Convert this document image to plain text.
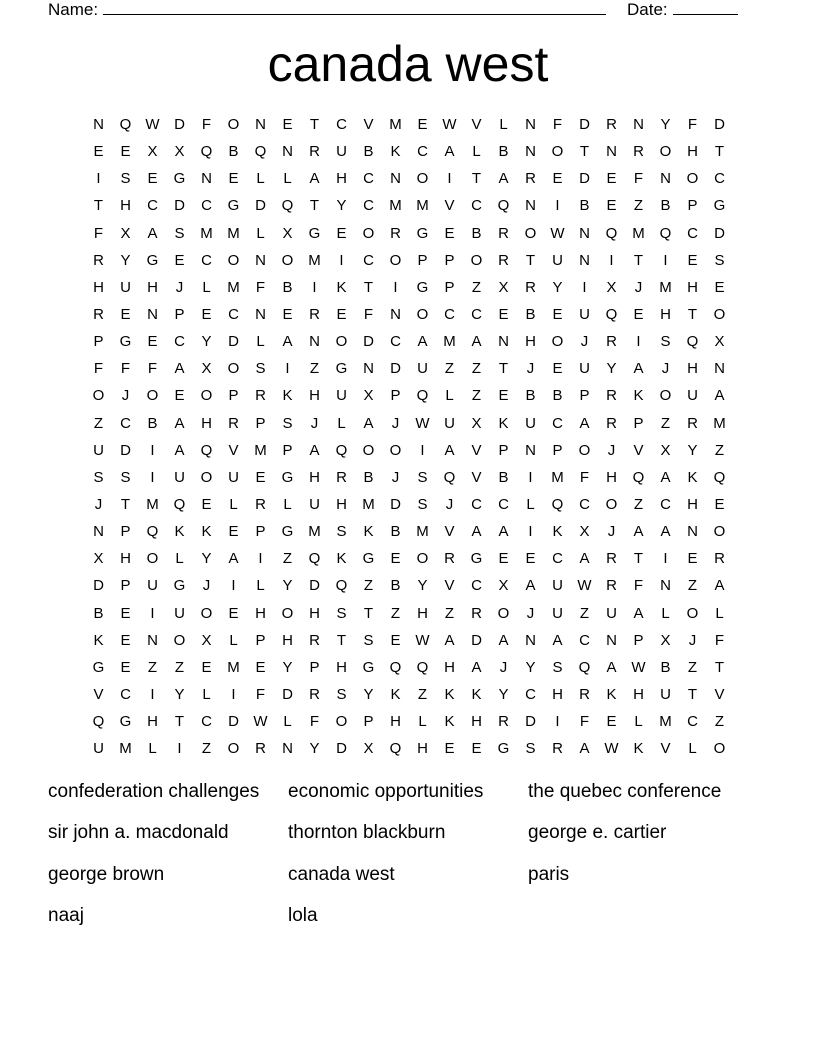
Name:	Date:
canada west
N	Q W D	F	O	N	E	T	C	V	M	E W V	L	N	F	D	R	N	Y	F	D
E	E	X	X	Q	B	Q	N	R	U	B	K	C	A	L	B	N	O	T	N	R	O	H	T
I	S	E	G	N	E	L	L	A	H	C	N	O	I	T	A	R	E	D	E	F	N	O	C
T	H	C	D	C	G	D	Q	T	Y	C	M M	V	C	Q	N	I	B	E	Z	B	P	G
F	X	A	S	M M	L	X	G	E	O	R	G	E	B	R	O W N	Q M Q	C	D
R	Y	G	E	C	O	N	O M	I	C	O	P	P	O	R	T	U	N	I	T	I	E	S
H	U	H	J	L	M	F	B	I	K	T	I	G	P	Z	X	R	Y	I	X	J	M	H	E
R	E	N	P	E	C	N	E	R	E	F	N	O	C	C	E	B	E	U	Q	E	H	T	O
P	G	E	C	Y	D	L	A	N	O	D	C	A	M	A	N	H	O	J	R	I	S	Q	X
F	F	F	A	X	O	S	I	Z	G	N	D	U	Z	Z	T	J	E	U	Y	A	J	H	N
O	J	O	E	O	P	R	K	H	U	X	P	Q	L	Z	E	B	B	P	R	K	O	U	A
Z	C	B	A	H	R	P	S	J	L	A	J	W U	X	K	U	C	A	R	P	Z	R	M
U	D	I	A	Q	V	M	P	A	Q	O	O	I	A	V	P	N	P	O	J	V	X	Y	Z
S	S	I	U	O	U	E	G	H	R	B	J	S	Q	V	B	I	M	F	H	Q	A	K	Q
J	T	M Q	E	L	R	L	U	H	M	D	S	J	C	C	L	Q	C	O	Z	C	H	E
N	P	Q	K	K	E	P	G M	S	K	B	M	V	A	A	I	K	X	J	A	A	N	O
X	H	O	L	Y	A	I	Z	Q	K	G	E	O	R	G	E	E	C	A	R	T	I	E	R
D	P	U	G	J	I	L	Y	D	Q	Z	B	Y	V	C	X	A	U W R	F	N	Z	A
B	E	I	U	O	E	H	O	H	S	T	Z	H	Z	R	O	J	U	Z	U	A	L	O	L
K	E	N	O	X	L	P	H	R	T	S	E W A	D	A	N	A	C	N	P	X	J	F
G	E	Z	Z	E	M	E	Y	P	H	G	Q	Q	H	A	J	Y	S	Q	A W B	Z	T
V	C	I	Y	L	I	F	D	R	S	Y	K	Z	K	K	Y	C	H	R	K	H	U	T	V
Q	G	H	T	C	D W	L	F	O	P	H	L	K	H	R	D	I	F	E	L	M	C	Z
U	M	L	I	Z	O	R	N	Y	D	X	Q	H	E	E	G	S	R	A W K	V	L	O
confederation challenges	economic opportunities	the quebec conference
sir john a. macdonald	thornton blackburn	george e. cartier
george brown	canada west	paris
naaj	lola
